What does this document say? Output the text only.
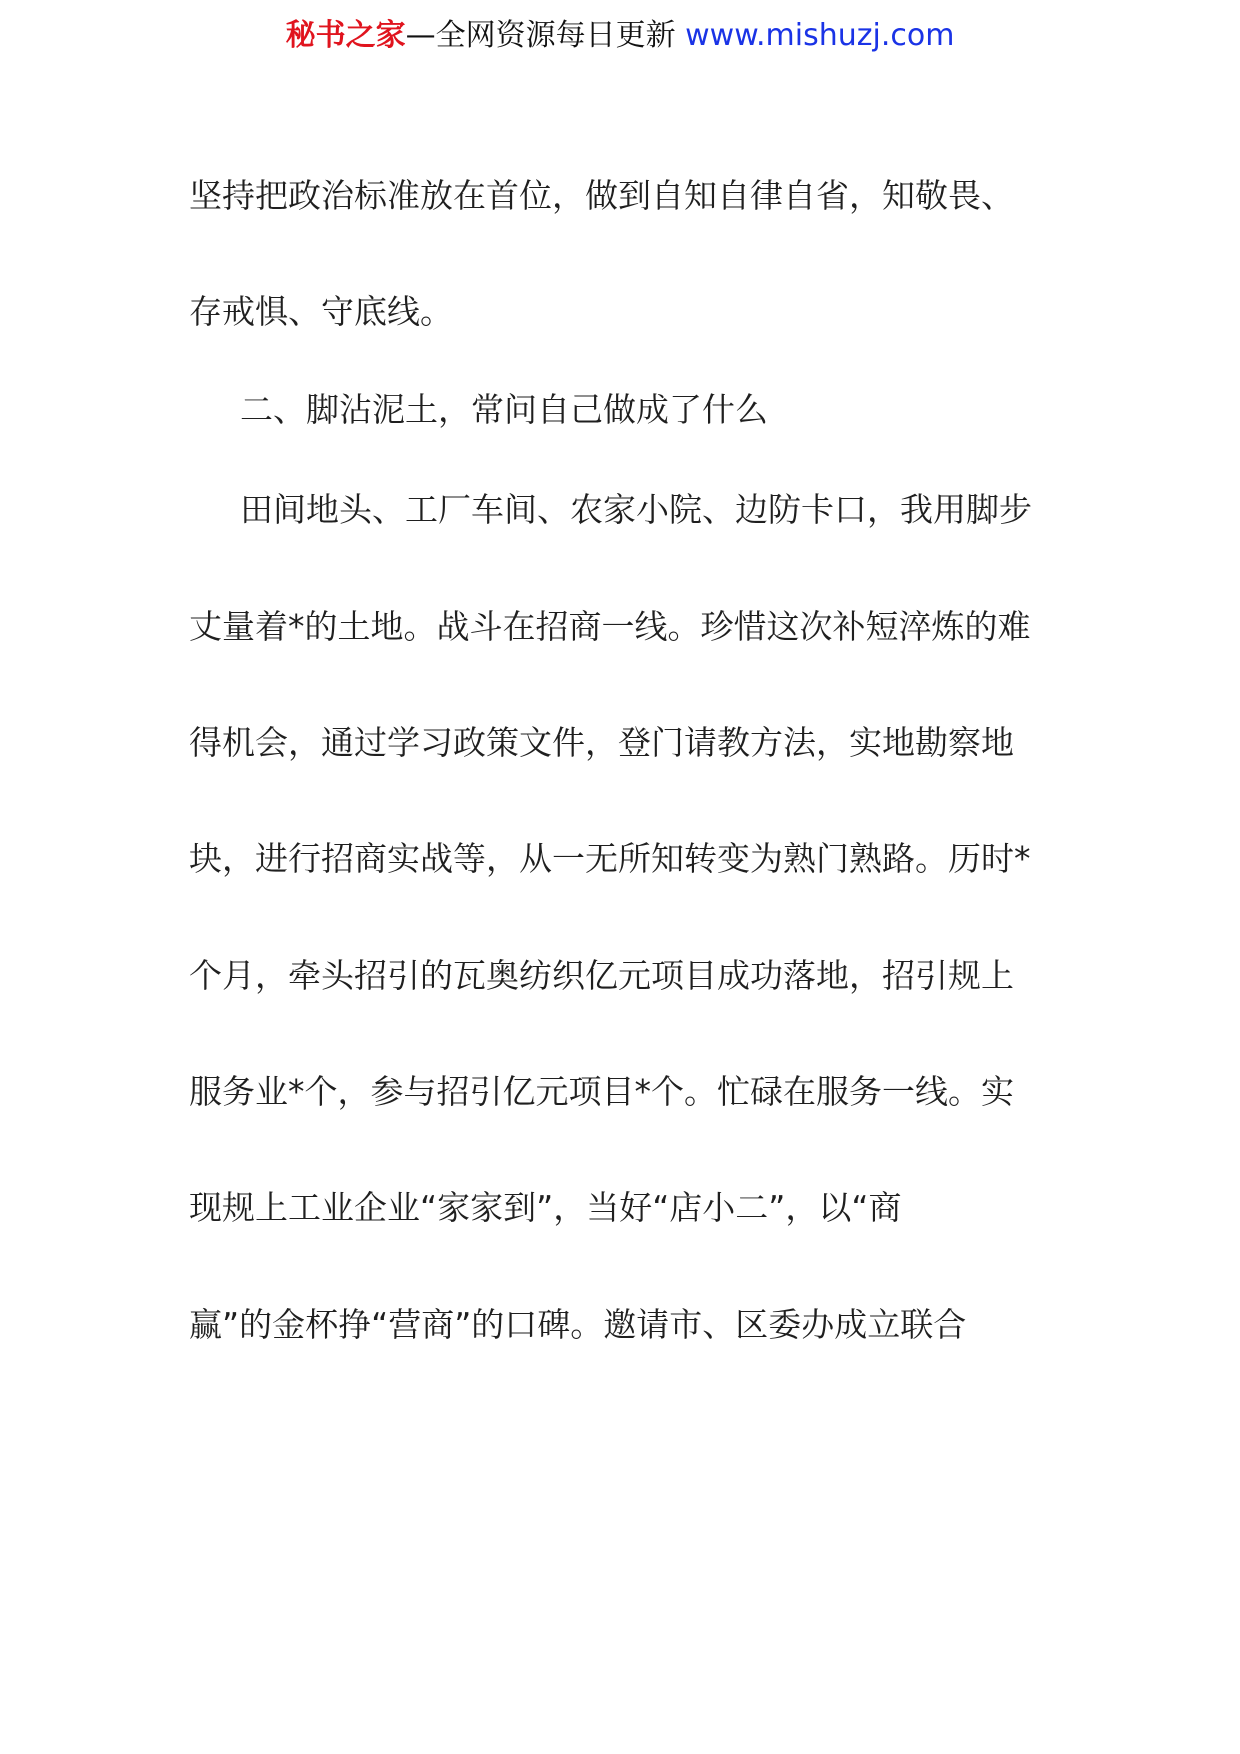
秘书之家—全网资源每日更新 www.mishuzj.com
坚持把政治标准放在首位，做到自知自律自省，知敬畏、
存戒惧、守底线。
二、脚沾泥土，常问自己做成了什么
田间地头、工厂车间、农家小院、边防卡口，我用脚步
丈量着*的土地。战斗在招商一线。珍惜这次补短淬炼的难
得机会，通过学习政策文件，登门请教方法，实地勘察地
块，进行招商实战等，从一无所知转变为熟门熟路。历时*
个月，牵头招引的瓦奥纺织亿元项目成功落地，招引规上
服务业*个，参与招引亿元项目*个。忙碌在服务一线。实
现规上工业企业“家家到”，当好“店小二”，以“商
赢”的金杯挣“营商”的口碑。邀请市、区委办成立联合
